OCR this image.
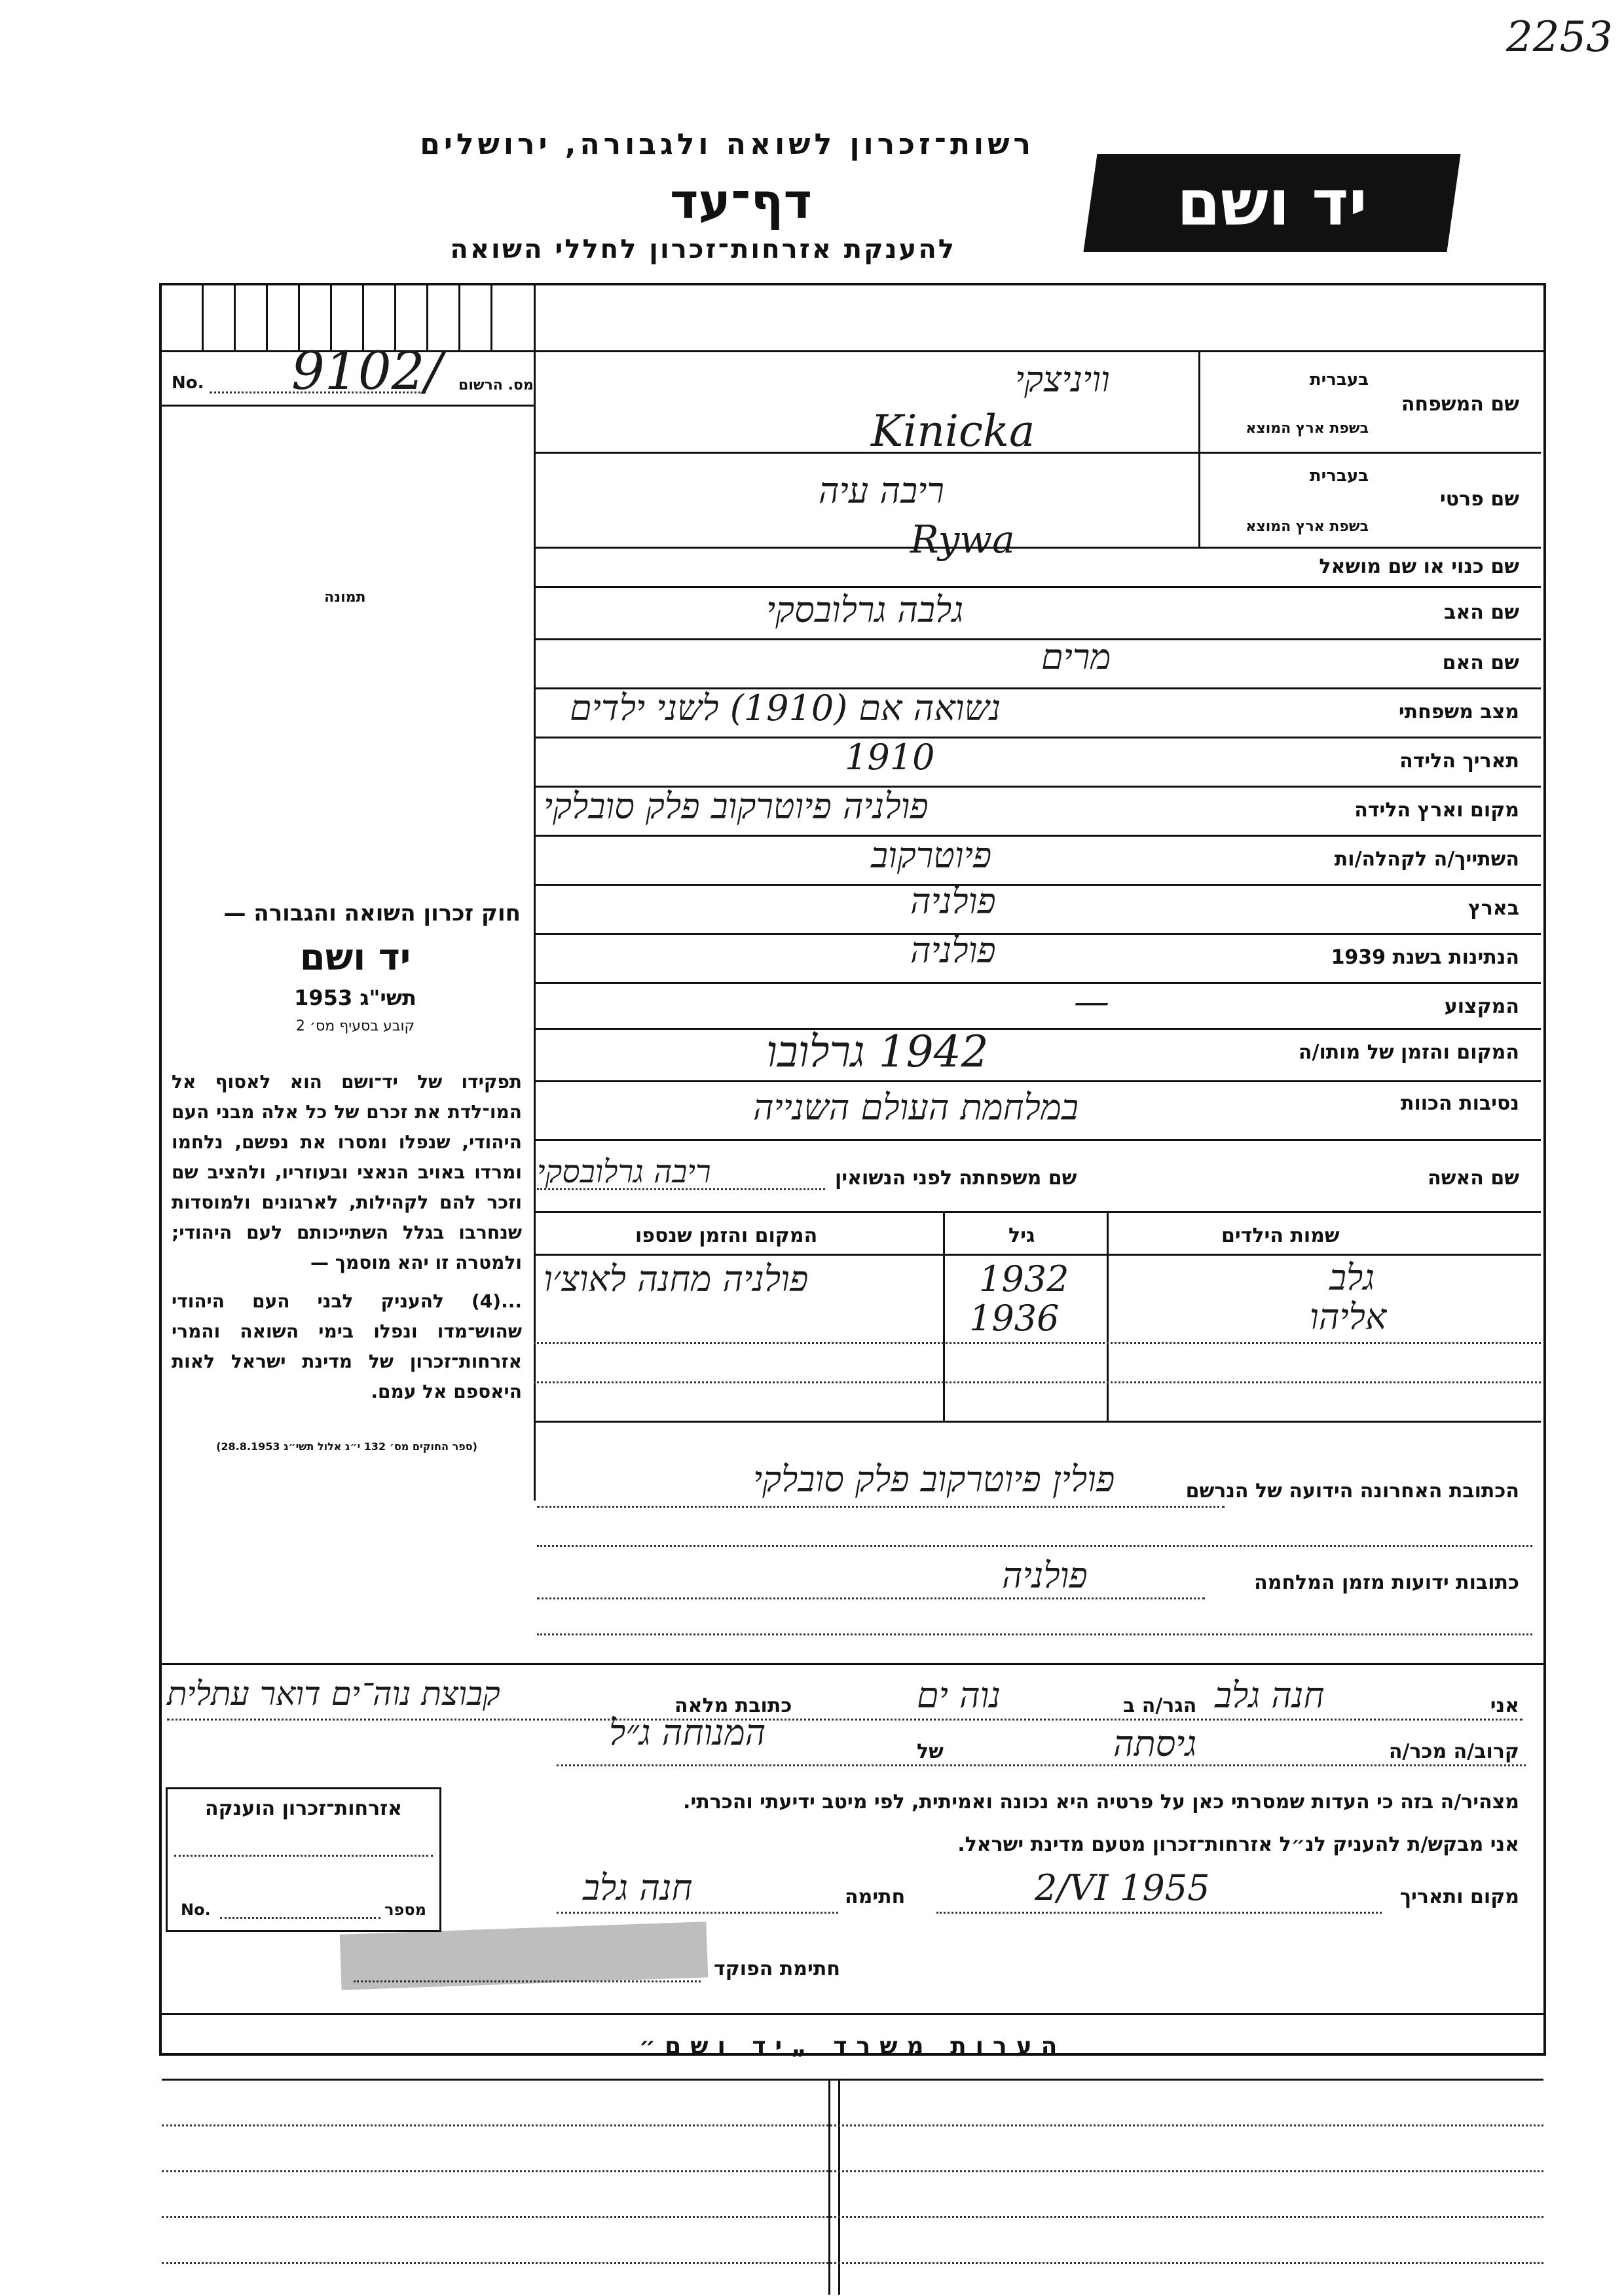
2253
רשות־זכרון לשואה ולגבורה, ירושלים
דף־עד
להענקת אזרחות־זכרון לחללי השואה
יד ושם
No. 9102/ מס. הרשום
תמונה
חוק זכרון השואה והגבורה —
יד ושם
תשי"ג 1953
קובע בסעיף מס׳ 2
תפקידו של יד־ושם הוא לאסוף אל המו־לדת את זכרם של כל אלה מבני העם היהודי, שנפלו ומסרו את נפשם, נלחמו ומרדו באויב הנאצי ובעוזריו, ולהציב שם וזכר להם לקהילות, לארגונים ולמוסדות שנחרבו בגלל השתייכותם לעם היהודי; ולמטרה זו יהא מוסמך —
...(4) להעניק לבני העם היהודי שהוש־מדו ונפלו בימי השואה והמרי אזרחות־זכרון של מדינת ישראל לאות היאספם אל עמם.
(ספר החוקים מס׳ 132 י״ג אלול תשי״ג 28.8.1953)
שם המשפחה
בעברית
בשפת ארץ המוצא
וויניצקי
Kinicka
שם פרטי
בעברית
בשפת ארץ המוצא
ריבה עיה
Rywa
שם כנוי או שם מושאל
שם האב
גלבה גרלובסקי
שם האם
מרים
מצב משפחתי
נשואה אם (1910) לשני ילדים
תאריך הלידה
1910
מקום וארץ הלידה
פולניה פיוטרקוב פלק סובלקי
השתייך/ה לקהלה/ות
פיוטרקוב
בארץ
פולניה
הנתינות בשנת 1939
פולניה
המקצוע
—
המקום והזמן של מותו/ה
1942 גרלובו
נסיבות הכוות
במלחמת העולם השנייה
שם האשה
שם משפחתה לפני הנשואין
ריבה גרלובסקי
שמות הילדים
גיל
המקום והזמן שנספו
גלב
1932
פולניה מחנה לאוצ׳ו
אליהו
1936
הכתובת האחרונה הידועה של הנרשם
פולין פיוטרקוב פלק סובלקי
כתובות ידועות מזמן המלחמה
פולניה
אני
חנה גלב
הגר/ה ב
נוה ים
כתובת מלאה
קבוצת נוה־ים דואר עתלית
קרוב/ה מכר/ה
גיסתה
של
המנוחה ג״ל
מצהיר/ה בזה כי העדות שמסרתי כאן על פרטיה היא נכונה ואמיתית, לפי מיטב ידיעתי והכרתי.
אני מבקש/ת להעניק לנ״ל אזרחות־זכרון מטעם מדינת ישראל.
מקום ותאריך
2/VI 1955
חתימה
חנה גלב
חתימת הפוקד
אזרחות־זכרון הוענקה
No.	מספר
הערות משרד „יד ושם״
